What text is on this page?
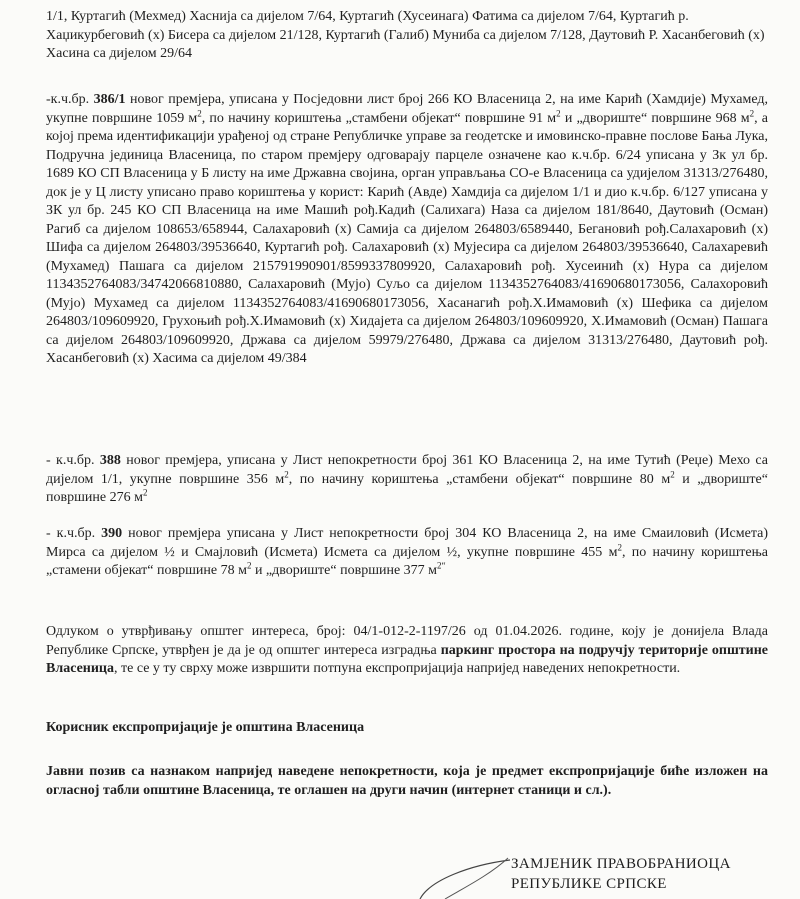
1/1, Куртагић (Мехмед) Хаснија са дијелом 7/64, Куртагић (Хусеинага) Фатима са дијелом 7/64, Куртагић р. Хаџикурбеговић (х) Бисера са дијелом 21/128, Куртагић (Галиб) Муниба са дијелом 7/128, Даутовић Р. Хасанбеговић (х) Хасина са дијелом 29/64

-к.ч.бр. 386/1 новог премјера, уписана у Посједовни лист број 266 КО Власеница 2, на име Карић (Хамдије) Мухамед, укупне површине 1059 $м^2$, по начину кориштења „стамбени објекат“ површине 91 $м^2$ и „двориште“ површине 968 $м^2$, а којој према идентификацији урађеној од стране Републичке управе за геодетске и имовинско-правне послове Бања Лука, Подручна јединица Власеница, по старом премјеру одговарају парцеле означене као к.ч.бр. 6/24 уписана у Зк ул бр. 1689 КО СП Власеница у Б листу на име Државна својина, орган управљања СО-е Власеница са удијелом 31313/276480, док је у Ц листу уписано право кориштења у корист: Карић (Авде) Хамдија са дијелом 1/1 и дио к.ч.бр. 6/127 уписана у ЗК ул бр. 245 КО СП Власеница на име Машић рођ.Кадић (Салихага) Наза са дијелом 181/8640, Даутовић (Осман) Рагиб са дијелом 108653/658944, Салахаровић (х) Самија са дијелом 264803/6589440, Бегановић рођ.Салахаровић (х) Шифа са дијелом 264803/39536640, Куртагић рођ. Салахаровић (х) Мујесира са дијелом 264803/39536640, Салахаревић (Мухамед) Пашага са дијелом 215791990901/8599337809920, Салахаровић рођ. Хусеинић (х) Нура са дијелом 1134352764083/34742066810880, Салахаровић (Мујо) Суљо са дијелом 1134352764083/41690680173056, Салахоровић (Мујо) Мухамед са дијелом 1134352764083/41690680173056, Хасанагић рођ.Х.Имамовић (х) Шефика са дијелом 264803/109609920, Грухоњић рођ.Х.Имамовић (х) Хидајета са дијелом 264803/109609920, Х.Имамовић (Осман) Пашага са дијелом 264803/109609920, Држава са дијелом 59979/276480, Држава са дијелом 31313/276480, Даутовић рођ. Хасанбеговић (х) Хасима са дијелом 49/384

- к.ч.бр. 388 новог премјера, уписана у Лист непокретности број 361 КО Власеница 2, на име Тутић (Реџе) Мехо са дијелом 1/1, укупне површине 356 $м^2$, по начину кориштења „стамбени објекат“ површине 80 $м^2$ и „двориште“ површине 276 $м^2$

- к.ч.бр. 390 новог премјера уписана у Лист непокретности број 304 КО Власеница 2, на име Смаиловић (Исмета) Мирса са дијелом ½ и Смајловић (Исмета) Исмета са дијелом ½, укупне површине 455 $м^2$, по начину кориштења „стамени објекат“ површине 78 $м^2$ и „двориште“ површине 377 $м^{2“}$

Одлуком о утврђивању општег интереса, број: 04/1-012-2-1197/26 од 01.04.2026. године, коју је донијела Влада Републике Српске, утврђен је да је од општег интереса изградња паркинг простора на подручју територије општине Власеница, те се у ту сврху може извршити потпуна експропријација напријед наведених непокретности.

Корисник експропријације је општина Власеница

Јавни позив са назнаком напријед наведене непокретности, која је предмет експропријације биће изложен на огласној табли општине Власеница, те оглашен на други начин (интернет станици и сл.).

ЗАМЈЕНИК ПРАВОБРАНИОЦА

РЕПУБЛИКЕ СРПСКЕ
